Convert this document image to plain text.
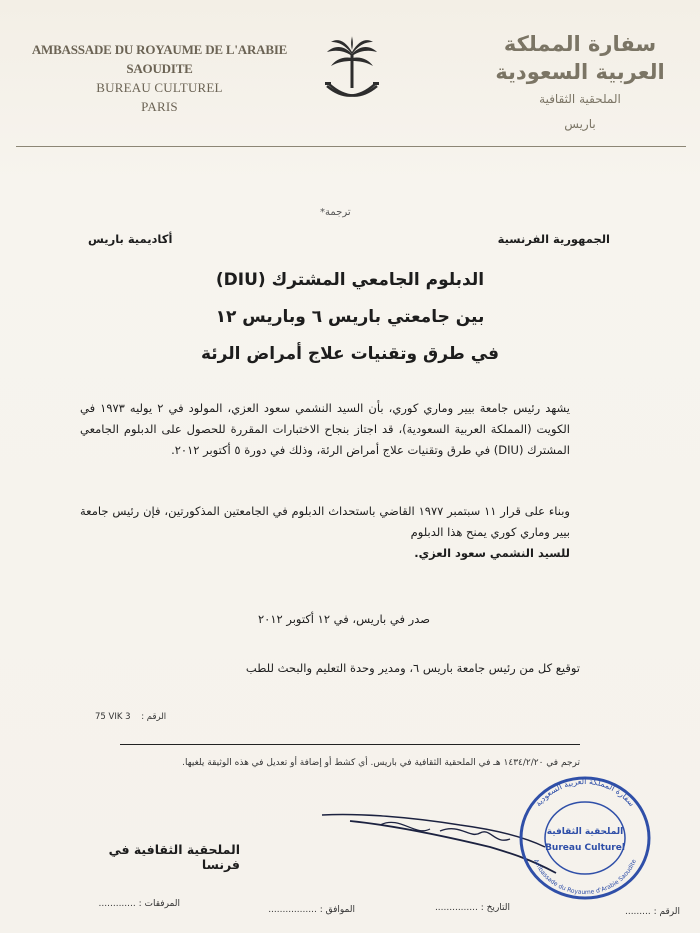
AMBASSADE DU ROYAUME DE L'ARABIE SAOUDITE
BUREAU CULTUREL
PARIS
سفارة المملكة العربية السعودية
الملحقية الثقافية
باريس
ترجمة*
الجمهورية الفرنسية
أكاديمية باريس
الدبلوم الجامعي المشترك (DIU)
بين جامعتي باريس ٦ وباريس ١٢
في طرق وتقنيات علاج أمراض الرئة
يشهد رئيس جامعة بيير وماري كوري، بأن السيد النشمي سعود العزي، المولود في ٢ يوليه ١٩٧٣ في الكويت (المملكة العربية السعودية)، قد اجتاز بنجاح الاختبارات المقررة للحصول على الدبلوم الجامعي المشترك (DIU) في طرق وتقنيات علاج أمراض الرئة، وذلك في دورة ٥ أكتوبر ٢٠١٢.
وبناء على قرار ١١ سبتمبر ١٩٧٧ القاضي باستحداث الدبلوم في الجامعتين المذكورتين، فإن رئيس جامعة بيير وماري كوري يمنح هذا الدبلوم
للسيد النشمي سعود العزي.
صدر في باريس، في ١٢ أكتوبر ٢٠١٢
توقيع كل من رئيس جامعة باريس ٦، ومدير وحدة التعليم والبحث للطب
75 VIK 3 الرقم :
ترجم في ١٤٣٤/٢/٢٠ هـ في الملحقية الثقافية في باريس. أي كشط أو إضافة أو تعديل في هذه الوثيقة يلغيها.
الملحقية الثقافية في فرنسا
سفارة المملكة العربية السعودية
Ambassade du Royaume d'Arabie Saoudite
الملحقية الثقافية
Bureau Culturel
الرقم : .........
التاريخ : ...............
الموافق : .................
المرفقات : .............
